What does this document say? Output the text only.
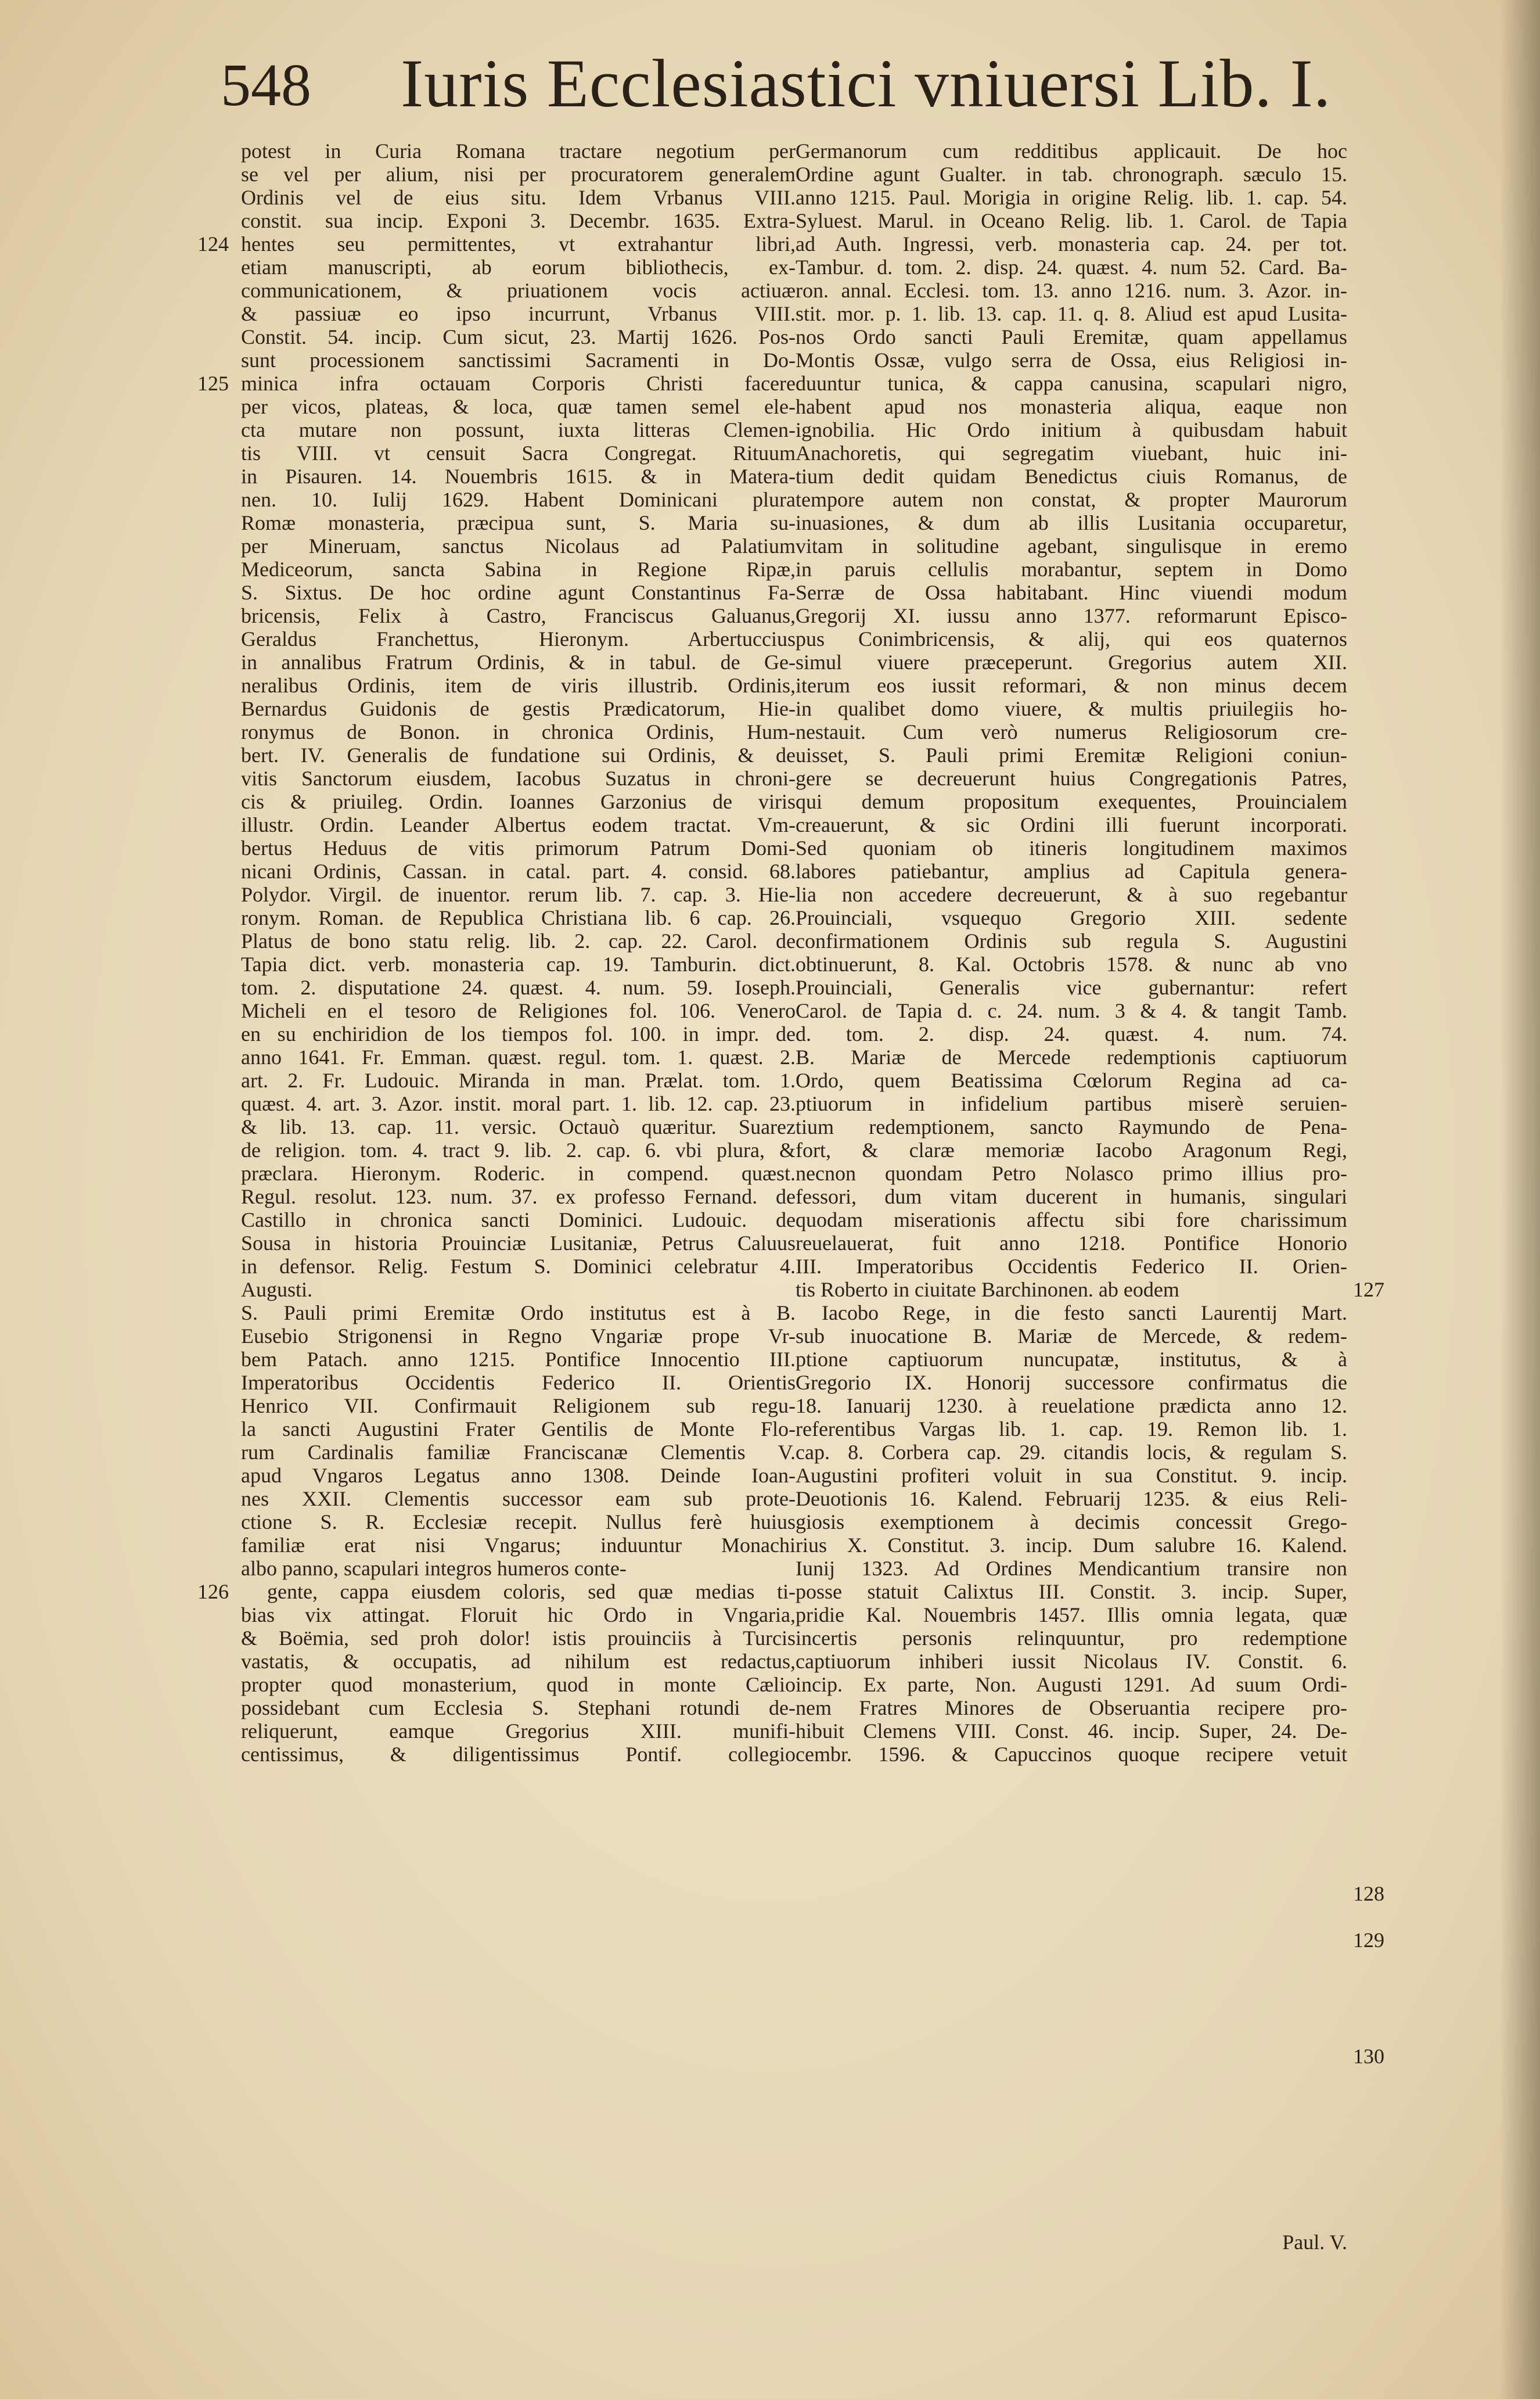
548 Iuris Ecclesiastici vniuersi Lib. I.
potest in Curia Romana tractare negotium per
se vel per alium, nisi per procuratorem generalem
Ordinis vel de eius situ. Idem Vrbanus VIII.
constit. sua incip. Exponi 3. Decembr. 1635. Extra-
hentes seu permittentes, vt extrahantur libri,
etiam manuscripti, ab eorum bibliothecis, ex-
communicationem, & priuationem vocis actiuæ
& passiuæ eo ipso incurrunt, Vrbanus VIII.
Constit. 54. incip. Cum sicut, 23. Martij 1626. Pos-
sunt processionem sanctissimi Sacramenti in Do-
minica infra octauam Corporis Christi facere
per vicos, plateas, & loca, quæ tamen semel ele-
cta mutare non possunt, iuxta litteras Clemen-
tis VIII. vt censuit Sacra Congregat. Rituum
in Pisauren. 14. Nouembris 1615. & in Materа-
nen. 10. Iulij 1629. Habent Dominicani plura
Romæ monasteria, præcipua sunt, S. Maria su-
per Mineruam, sanctus Nicolaus ad Palatium
Mediceorum, sancta Sabina in Regione Ripæ,
S. Sixtus. De hoc ordine agunt Constantinus Fa-
bricensis, Felix à Castro, Franciscus Galuanus,
Geraldus Franchettus, Hieronym. Arbertuccius
in annalibus Fratrum Ordinis, & in tabul. de Ge-
neralibus Ordinis, item de viris illustrib. Ordinis,
Bernardus Guidonis de gestis Prædicatorum, Hie-
ronymus de Bonon. in chronica Ordinis, Hum-
bert. IV. Generalis de fundatione sui Ordinis, & de
vitis Sanctorum eiusdem, Iacobus Suzatus in chroni-
cis & priuileg. Ordin. Ioannes Garzonius de viris
illustr. Ordin. Leander Albertus eodem tractat. Vm-
bertus Heduus de vitis primorum Patrum Domi-
nicani Ordinis, Cassan. in catal. part. 4. consid. 68.
Polydor. Virgil. de inuentor. rerum lib. 7. cap. 3. Hie-
ronym. Roman. de Republica Christiana lib. 6 cap. 26.
Platus de bono statu relig. lib. 2. cap. 22. Carol. de
Tapia dict. verb. monasteria cap. 19. Tamburin. dict.
tom. 2. disputatione 24. quæst. 4. num. 59. Ioseph.
Micheli en el tesoro de Religiones fol. 106. Venero
en su enchiridion de los tiempos fol. 100. in impr. de
anno 1641. Fr. Emman. quæst. regul. tom. 1. quæst. 2.
art. 2. Fr. Ludouic. Miranda in man. Prælat. tom. 1.
quæst. 4. art. 3. Azor. instit. moral part. 1. lib. 12. cap. 23.
& lib. 13. cap. 11. versic. Octauò quæritur. Suarez
de religion. tom. 4. tract 9. lib. 2. cap. 6. vbi plura, &
præclara. Hieronym. Roderic. in compend. quæst.
Regul. resolut. 123. num. 37. ex professo Fernand. de
Castillo in chronica sancti Dominici. Ludouic. de
Sousa in historia Prouinciæ Lusitaniæ, Petrus Caluus
in defensor. Relig. Festum S. Dominici celebratur 4.
Augusti.
S. Pauli primi Eremitæ Ordo institutus est à B.
Eusebio Strigonensi in Regno Vngariæ prope Vr-
bem Patach. anno 1215. Pontifice Innocentio III.
Imperatoribus Occidentis Federico II. Orientis
Henrico VII. Confirmauit Religionem sub regu-
la sancti Augustini Frater Gentilis de Monte Flo-
rum Cardinalis familiæ Franciscanæ Clementis V.
apud Vngaros Legatus anno 1308. Deinde Ioan-
nes XXII. Clementis successor eam sub prote-
ctione S. R. Ecclesiæ recepit. Nullus ferè huius
familiæ erat nisi Vngarus; induuntur Monachi
albo panno, scapulari integros humeros conte-
gente, cappa eiusdem coloris, sed quæ medias ti-
bias vix attingat. Floruit hic Ordo in Vngaria,
& Boëmia, sed proh dolor! istis prouinciis à Turcis
vastatis, & occupatis, ad nihilum est redactus,
propter quod monasterium, quod in monte Cælio
possidebant cum Ecclesia S. Stephani rotundi de-
reliquerunt, eamque Gregorius XIII. munifi-
centissimus, & diligentissimus Pontif. collegio
124
125
126
Germanorum cum redditibus applicauit. De hoc
Ordine agunt Gualter. in tab. chronograph. sæculo 15.
anno 1215. Paul. Morigia in origine Relig. lib. 1. cap. 54.
Syluest. Marul. in Oceano Relig. lib. 1. Carol. de Tapia
ad Auth. Ingressi, verb. monasteria cap. 24. per tot.
Tambur. d. tom. 2. disp. 24. quæst. 4. num 52. Card. Ba-
ron. annal. Ecclesi. tom. 13. anno 1216. num. 3. Azor. in-
stit. mor. p. 1. lib. 13. cap. 11. q. 8. Aliud est apud Lusita-
nos Ordo sancti Pauli Eremitæ, quam appellamus
Montis Ossæ, vulgo serra de Ossa, eius Religiosi in-
duuntur tunica, & cappa canusina, scapulari nigro,
habent apud nos monasteria aliqua, eaque non
ignobilia. Hic Ordo initium à quibusdam habuit
Anachoretis, qui segregatim viuebant, huic ini-
tium dedit quidam Benedictus ciuis Romanus, de
tempore autem non constat, & propter Maurorum
inuasiones, & dum ab illis Lusitania occuparetur,
vitam in solitudine agebant, singulisque in eremo
in paruis cellulis morabantur, septem in Domo
Serræ de Ossa habitabant. Hinc viuendi modum
Gregorij XI. iussu anno 1377. reformarunt Episco-
pus Conimbricensis, & alij, qui eos quaternos
simul viuere præceperunt. Gregorius autem XII.
iterum eos iussit reformari, & non minus decem
in qualibet domo viuere, & multis priuilegiis ho-
nestauit. Cum verò numerus Religiosorum cre-
uisset, S. Pauli primi Eremitæ Religioni coniun-
gere se decreuerunt huius Congregationis Patres,
qui demum propositum exequentes, Prouincialem
creauerunt, & sic Ordini illi fuerunt incorporati.
Sed quoniam ob itineris longitudinem maximos
labores patiebantur, amplius ad Capitula genera-
lia non accedere decreuerunt, & à suo regebantur
Prouinciali, vsquequo Gregorio XIII. sedente
confirmationem Ordinis sub regula S. Augustini
obtinuerunt, 8. Kal. Octobris 1578. & nunc ab vno
Prouinciali, Generalis vice gubernantur: refert
Carol. de Tapia d. c. 24. num. 3 & 4. & tangit Tamb.
d. tom. 2. disp. 24. quæst. 4. num. 74.
B. Mariæ de Mercede redemptionis captiuorum
Ordo, quem Beatissima Cœlorum Regina ad ca-
ptiuorum in infidelium partibus miserè seruien-
tium redemptionem, sancto Raymundo de Pena-
fort, & claræ memoriæ Iacobo Aragonum Regi,
necnon quondam Petro Nolasco primo illius pro-
fessori, dum vitam ducerent in humanis, singulari
quodam miserationis affectu sibi fore charissimum
reuelauerat, fuit anno 1218. Pontifice Honorio
III. Imperatoribus Occidentis Federico II. Orien-
tis Roberto in ciuitate Barchinonen. ab eodem
Iacobo Rege, in die festo sancti Laurentij Mart.
sub inuocatione B. Mariæ de Mercede, & redem-
ptione captiuorum nuncupatæ, institutus, & à
Gregorio IX. Honorij successore confirmatus die
18. Ianuarij 1230. à reuelatione prædicta anno 12.
referentibus Vargas lib. 1. cap. 19. Remon lib. 1.
cap. 8. Corbera cap. 29. citandis locis, & regulam S.
Augustini profiteri voluit in sua Constitut. 9. incip.
Deuotionis 16. Kalend. Februarij 1235. & eius Reli-
giosis exemptionem à decimis concessit Grego-
rius X. Constitut. 3. incip. Dum salubre 16. Kalend.
Iunij 1323. Ad Ordines Mendicantium transire non
posse statuit Calixtus III. Constit. 3. incip. Super,
pridie Kal. Nouembris 1457. Illis omnia legata, quæ
incertis personis relinquuntur, pro redemptione
captiuorum inhiberi iussit Nicolaus IV. Constit. 6.
incip. Ex parte, Non. Augusti 1291. Ad suum Ordi-
nem Fratres Minores de Obseruantia recipere pro-
hibuit Clemens VIII. Const. 46. incip. Super, 24. De-
cembr. 1596. & Capuccinos quoque recipere vetuit
Paul. V.
127
128
129
130
